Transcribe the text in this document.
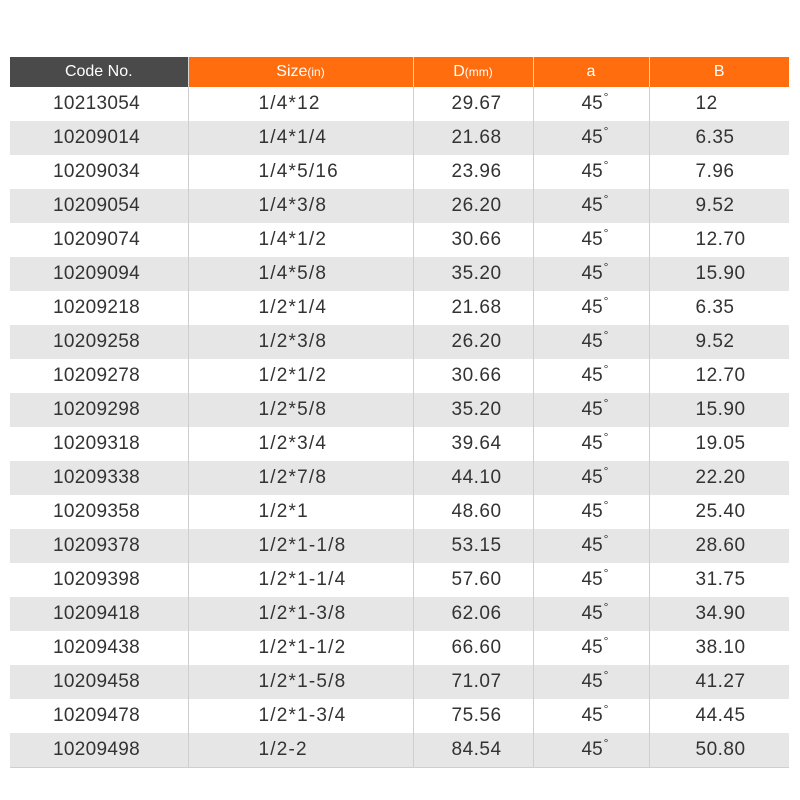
Code No.	Size(in)	D(mm)	a	B
10213054	1/4*12	29.67	45°	12
10209014	1/4*1/4	21.68	45°	6.35
10209034	1/4*5/16	23.96	45°	7.96
10209054	1/4*3/8	26.20	45°	9.52
10209074	1/4*1/2	30.66	45°	12.70
10209094	1/4*5/8	35.20	45°	15.90
10209218	1/2*1/4	21.68	45°	6.35
10209258	1/2*3/8	26.20	45°	9.52
10209278	1/2*1/2	30.66	45°	12.70
10209298	1/2*5/8	35.20	45°	15.90
10209318	1/2*3/4	39.64	45°	19.05
10209338	1/2*7/8	44.10	45°	22.20
10209358	1/2*1	48.60	45°	25.40
10209378	1/2*1-1/8	53.15	45°	28.60
10209398	1/2*1-1/4	57.60	45°	31.75
10209418	1/2*1-3/8	62.06	45°	34.90
10209438	1/2*1-1/2	66.60	45°	38.10
10209458	1/2*1-5/8	71.07	45°	41.27
10209478	1/2*1-3/4	75.56	45°	44.45
10209498	1/2-2	84.54	45°	50.80
